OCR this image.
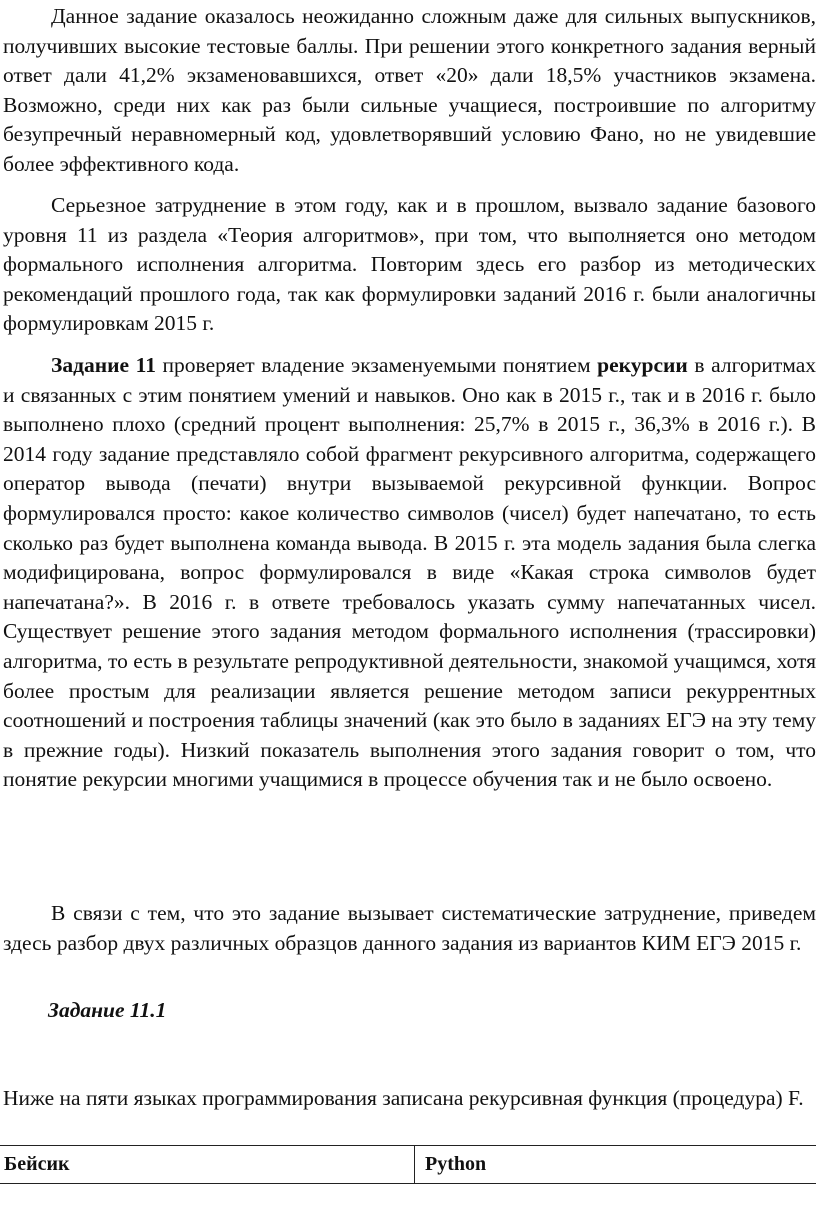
Данное задание оказалось неожиданно сложным даже для сильных выпускников, получивших высокие тестовые баллы. При решении этого конкретного задания верный ответ дали 41,2% экзаменовавшихся, ответ «20» дали 18,5% участников экзамена. Возможно, среди них как раз были сильные учащиеся, построившие по алгоритму безупречный неравномерный код, удовлетворявший условию Фано, но не увидевшие более эффективного кода.

Серьезное затруднение в этом году, как и в прошлом, вызвало задание базового уровня 11 из раздела «Теория алгоритмов», при том, что выполняется оно методом формального исполнения алгоритма. Повторим здесь его разбор из методических рекомендаций прошлого года, так как формулировки заданий 2016 г. были аналогичны формулировкам 2015 г.

Задание 11 проверяет владение экзаменуемыми понятием рекурсии в алгоритмах и связанных с этим понятием умений и навыков. Оно как в 2015 г., так и в 2016 г. было выполнено плохо (средний процент выполнения: 25,7% в 2015 г., 36,3% в 2016 г.). В 2014 году задание представляло собой фрагмент рекурсивного алгоритма, содержащего оператор вывода (печати) внутри вызываемой рекурсивной функции. Вопрос формулировался просто: какое количество символов (чисел) будет напечатано, то есть сколько раз будет выполнена команда вывода. В 2015 г. эта модель задания была слегка модифицирована, вопрос формулировался в виде «Какая строка символов будет напечатана?». В 2016 г. в ответе требовалось указать сумму напечатанных чисел. Существует решение этого задания методом формального исполнения (трассировки) алгоритма, то есть в результате репродуктивной деятельности, знакомой учащимся, хотя более простым для реализации является решение методом записи рекуррентных соотношений и построения таблицы значений (как это было в заданиях ЕГЭ на эту тему в прежние годы). Низкий показатель выполнения этого задания говорит о том, что понятие рекурсии многими учащимися в процессе обучения так и не было освоено.

В связи с тем, что это задание вызывает систематические затруднение, приведем здесь разбор двух различных образцов данного задания из вариантов КИМ ЕГЭ 2015 г.

Задание 11.1

Ниже на пяти языках программирования записана рекурсивная функция (процедура) F.

Бейсик	Python
